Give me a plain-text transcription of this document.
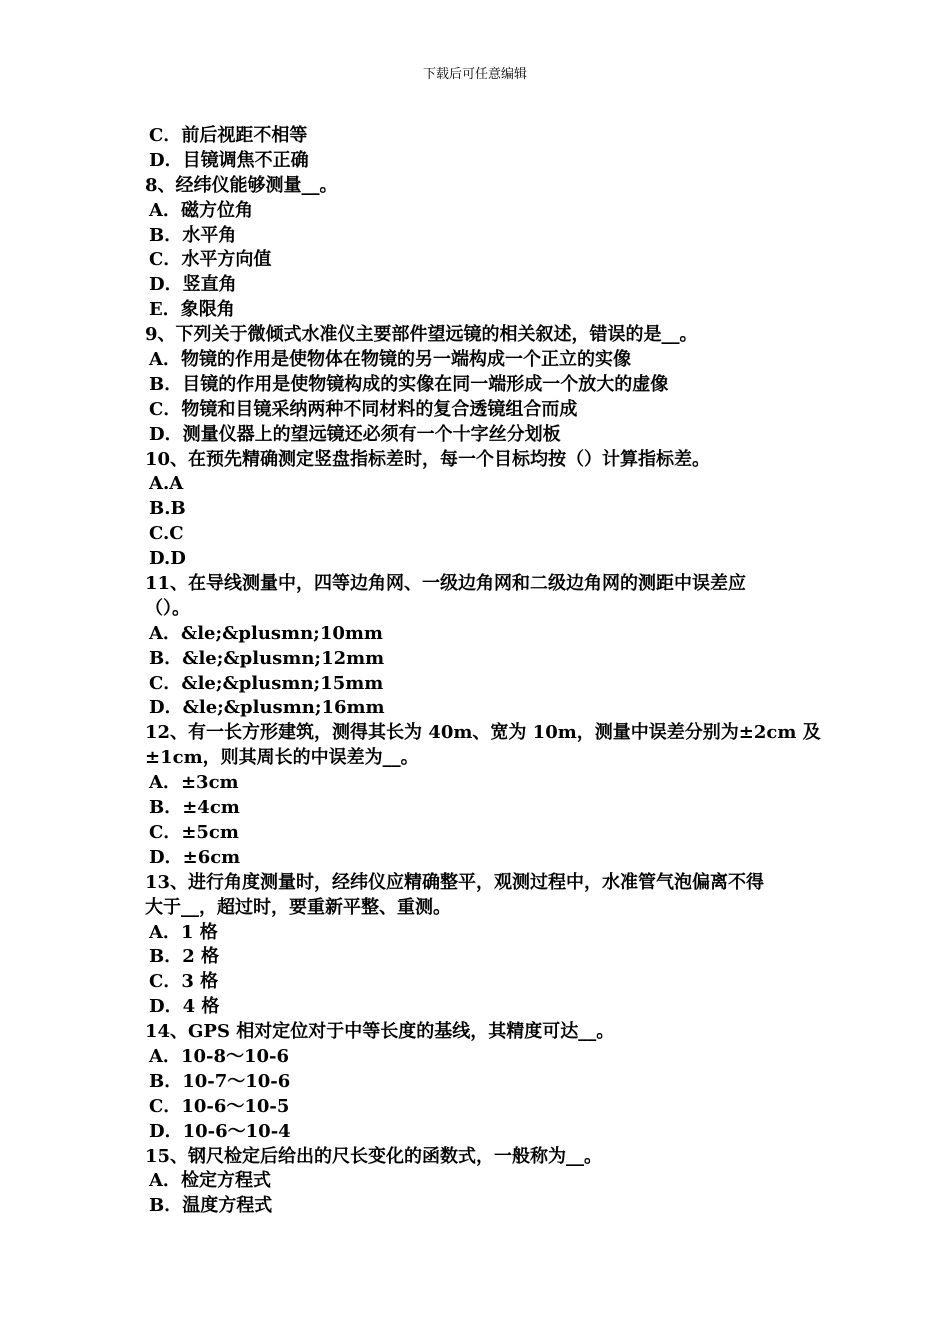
下载后可任意编辑
C．前后视距不相等
D．目镜调焦不正确
8、经纬仪能够测量__。
A．磁方位角
B．水平角
C．水平方向值
D．竖直角
E．象限角
9、下列关于微倾式水准仪主要部件望远镜的相关叙述，错误的是__。
A．物镜的作用是使物体在物镜的另一端构成一个正立的实像
B．目镜的作用是使物镜构成的实像在同一端形成一个放大的虚像
C．物镜和目镜采纳两种不同材料的复合透镜组合而成
D．测量仪器上的望远镜还必须有一个十字丝分划板
10、在预先精确测定竖盘指标差时，每一个目标均按（）计算指标差。
A.A
B.B
C.C
D.D
11、在导线测量中，四等边角网、一级边角网和二级边角网的测距中误差应
（）。
A．&le;&plusmn;10mm
B．&le;&plusmn;12mm
C．&le;&plusmn;15mm
D．&le;&plusmn;16mm
12、有一长方形建筑，测得其长为 40m、宽为 10m，测量中误差分别为±2cm 及
±1cm，则其周长的中误差为__。
A．±3cm
B．±4cm
C．±5cm
D．±6cm
13、进行角度测量时，经纬仪应精确整平，观测过程中，水准管气泡偏离不得
大于__，超过时，要重新平整、重测。
A．1 格
B．2 格
C．3 格
D．4 格
14、GPS 相对定位对于中等长度的基线，其精度可达__。
A．10-8～10-6
B．10-7～10-6
C．10-6～10-5
D．10-6～10-4
15、钢尺检定后给出的尺长变化的函数式，一般称为__。
A．检定方程式
B．温度方程式
